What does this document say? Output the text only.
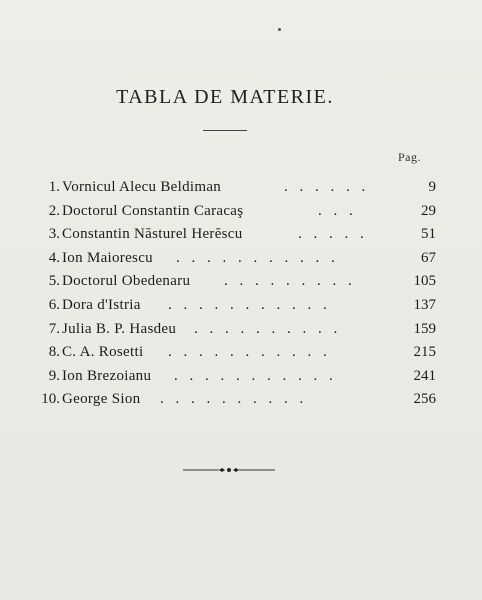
TABLA DE MATERIE.
Pag.
1. Vornicul Alecu Beldiman	. . . . . .	9
2. Doctorul Constantin Caracaş	. . .	29
3. Constantin Năsturel Herĕscu	. . . . .	51
4. Ion Maiorescu . . . . . . . . . . .	67
5. Doctorul Obedenaru . . . . . . . . .	105
6. Dora d'Istria . . . . . . . . . . .	137
7. Julia B. P. Hasdeu . . . . . . . . . .	159
8. C. A. Rosetti . . . . . . . . . . .	215
9. Ion Brezoianu . . . . . . . . . . .	241
10. George Sion . . . . . . . . . .	256
